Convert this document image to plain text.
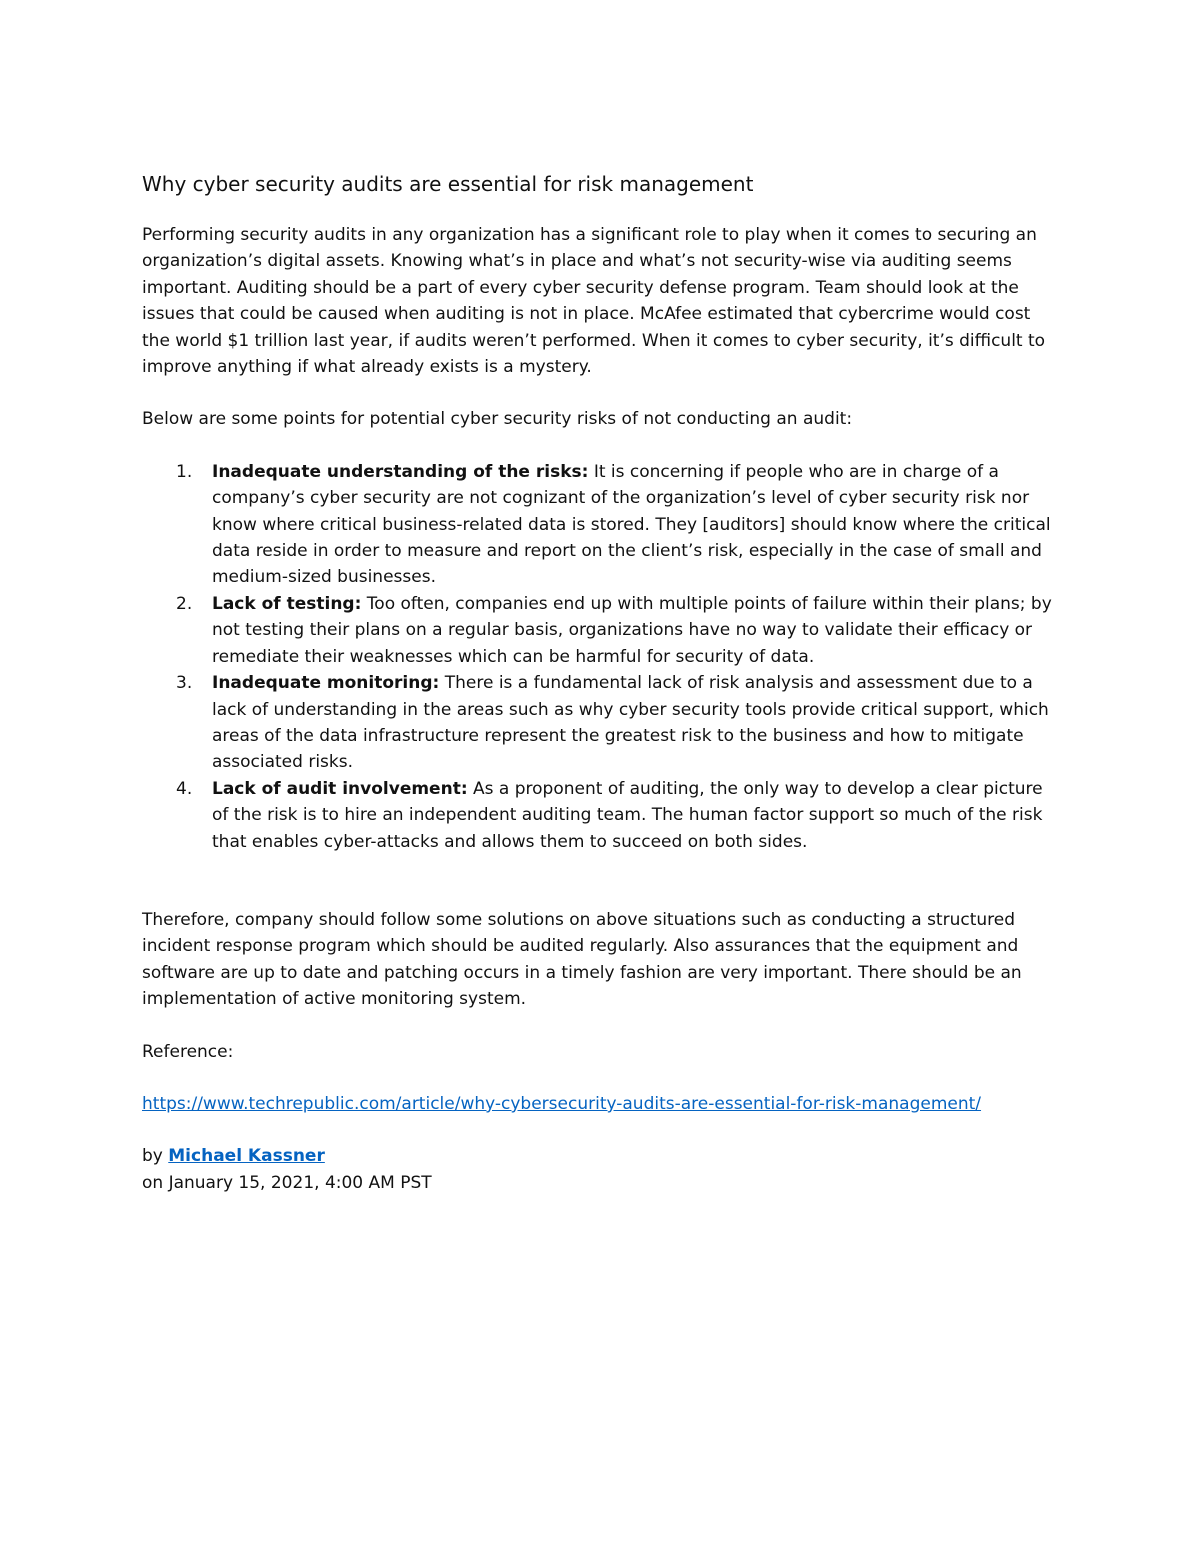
Why cyber security audits are essential for risk management

Performing security audits in any organization has a significant role to play when it comes to securing an organization’s digital assets. Knowing what’s in place and what’s not security-wise via auditing seems important. Auditing should be a part of every cyber security defense program. Team should look at the issues that could be caused when auditing is not in place. McAfee estimated that cybercrime would cost the world $1 trillion last year, if audits weren’t performed. When it comes to cyber security, it’s difficult to improve anything if what already exists is a mystery.

Below are some points for potential cyber security risks of not conducting an audit:

1. Inadequate understanding of the risks: It is concerning if people who are in charge of a company’s cyber security are not cognizant of the organization’s level of cyber security risk nor know where critical business-related data is stored. They [auditors] should know where the critical data reside in order to measure and report on the client’s risk, especially in the case of small and medium-sized businesses.
2. Lack of testing: Too often, companies end up with multiple points of failure within their plans; by not testing their plans on a regular basis, organizations have no way to validate their efficacy or remediate their weaknesses which can be harmful for security of data.
3. Inadequate monitoring: There is a fundamental lack of risk analysis and assessment due to a lack of understanding in the areas such as why cyber security tools provide critical support, which areas of the data infrastructure represent the greatest risk to the business and how to mitigate associated risks.
4. Lack of audit involvement: As a proponent of auditing, the only way to develop a clear picture of the risk is to hire an independent auditing team. The human factor support so much of the risk that enables cyber-attacks and allows them to succeed on both sides.

Therefore, company should follow some solutions on above situations such as conducting a structured incident response program which should be audited regularly. Also assurances that the equipment and software are up to date and patching occurs in a timely fashion are very important. There should be an implementation of active monitoring system.

Reference:

https://www.techrepublic.com/article/why-cybersecurity-audits-are-essential-for-risk-management/

by Michael Kassner

on January 15, 2021, 4:00 AM PST
